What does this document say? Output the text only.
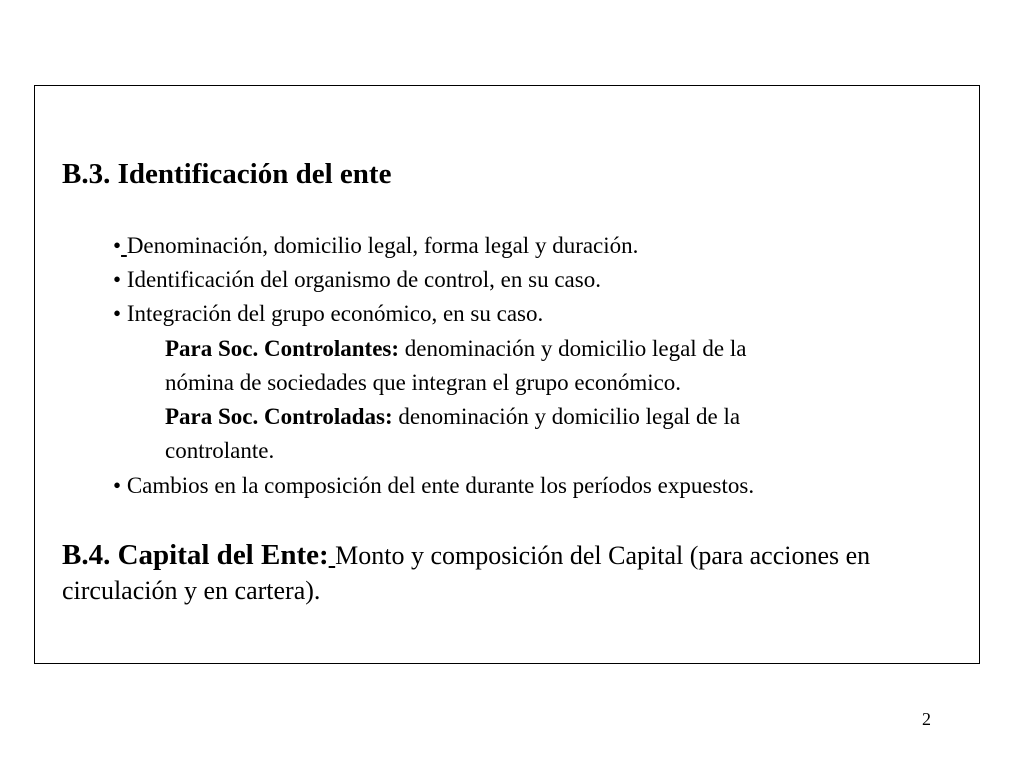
B.3. Identificación del ente

• Denominación, domicilio legal, forma legal y duración.

• Identificación del organismo de control, en su caso.

• Integración del grupo económico, en su caso.

Para Soc. Controlantes: denominación y domicilio legal de la

nómina de sociedades que integran el grupo económico.

Para Soc. Controladas: denominación y domicilio legal de la

controlante.

• Cambios en la composición del ente durante los períodos expuestos.

B.4. Capital del Ente: Monto y composición del Capital (para acciones en circulación y en cartera).

2
